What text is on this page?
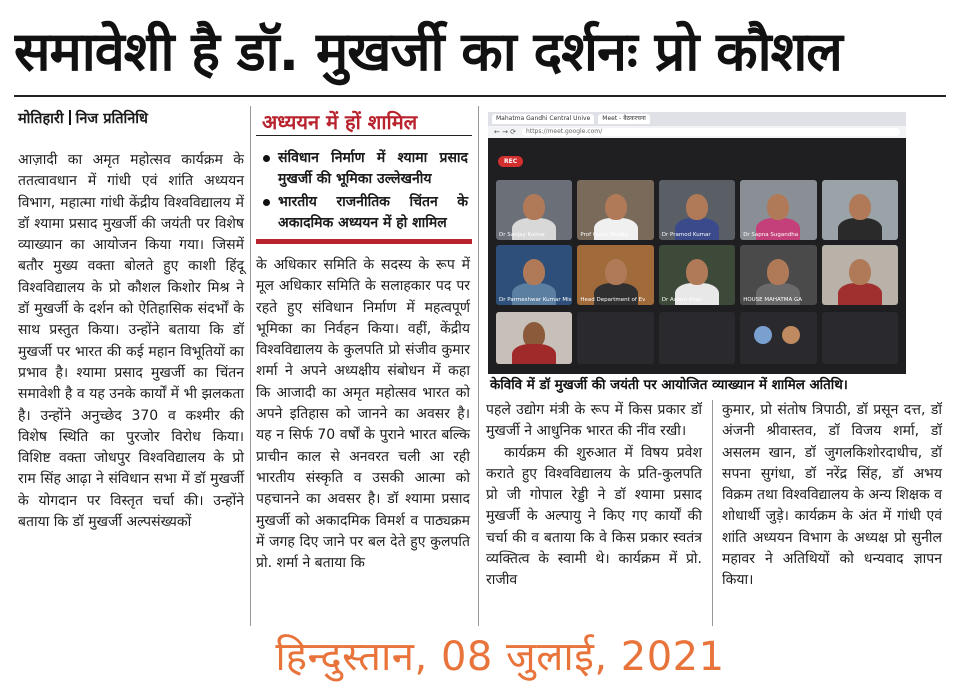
समावेशी है डॉ. मुखर्जी का दर्शनः प्रो कौशल
मोतिहारी निज प्रतिनिधि

आज़ादी का अमृत महोत्सव कार्यक्रम के ततत्वावधान में गांधी एवं शांति अध्ययन विभाग, महात्मा गांधी केंद्रीय विश्वविद्यालय में डॉ श्यामा प्रसाद मुखर्जी की जयंती पर विशेष व्याख्यान का आयोजन किया गया। जिसमें बतौर मुख्य वक्ता बोलते हुए काशी हिंदू विश्वविद्यालय के प्रो कौशल किशोर मिश्र ने डॉ मुखर्जी के दर्शन को ऐतिहासिक संदर्भों के साथ प्रस्तुत किया। उन्होंने बताया कि डॉ मुखर्जी पर भारत की कई महान विभूतियों का प्रभाव है। श्यामा प्रसाद मुखर्जी का चिंतन समावेशी है व यह उनके कार्यों में भी झलकता है। उन्होंने अनुच्छेद 370 व कश्मीर की विशेष स्थिति का पुरजोर विरोध किया। विशिष्ट वक्ता जोधपुर विश्वविद्यालय के प्रो राम सिंह आढ़ा ने संविधान सभा में डॉ मुखर्जी के योगदान पर विस्तृत चर्चा की। उन्होंने बताया कि डॉ मुखर्जी अल्पसंख्यकों

अध्ययन में हों शामिल
संविधान निर्माण में श्यामा प्रसाद मुखर्जी की भूमिका उल्लेखनीय
भारतीय राजनीतिक चिंतन के अकादमिक अध्ययन में हो शामिल

के अधिकार समिति के सदस्य के रूप में मूल अधिकार समिति के सलाहकार पद पर रहते हुए संविधान निर्माण में महत्वपूर्ण भूमिका का निर्वहन किया। वहीं, केंद्रीय विश्वविद्यालय के कुलपति प्रो संजीव कुमार शर्मा ने अपने अध्यक्षीय संबोधन में कहा कि आजादी का अमृत महोत्सव भारत को अपने इतिहास को जानने का अवसर है। यह न सिर्फ 70 वर्षों के पुराने भारत बल्कि प्राचीन काल से अनवरत चली आ रही भारतीय संस्कृति व उसकी आत्मा को पहचानने का अवसर है। डॉ श्यामा प्रसाद मुखर्जी को अकादमिक विमर्श व पाठ्यक्रम में जगह दिए जाने पर बल देते हुए कुलपति प्रो. शर्मा ने बताया कि

Mahatma Gandhi Central Unive	Meet - बैठकरचना
← → ⟳	https://meet.google.com/
REC
Dr Sanjay Kumar	Prof Gopal Reddy	Dr Pramod Kumar	Dr Sapna Sugandha
Dr Parmeshwar Kumar Mis Head Department of Ev	Dr Aslam Khan	HOUSE MAHATMA GA
केविवि में डॉ मुखर्जी की जयंती पर आयोजित व्याख्यान में शामिल अतिथि।

पहले उद्योग मंत्री के रूप में किस प्रकार डॉ मुखर्जी ने आधुनिक भारत की नींव रखी।

कार्यक्रम की शुरुआत में विषय प्रवेश कराते हुए विश्वविद्यालय के प्रति-कुलपति प्रो जी गोपाल रेड्डी ने डॉ श्यामा प्रसाद मुखर्जी के अल्पायु ने किए गए कार्यों की चर्चा की व बताया कि वे किस प्रकार स्वतंत्र व्यक्तित्व के स्वामी थे। कार्यक्रम में प्रो. राजीव

कुमार, प्रो संतोष त्रिपाठी, डॉ प्रसून दत्त, डॉ अंजनी श्रीवास्तव, डॉ विजय शर्मा, डॉ असलम खान, डॉ जुगलकिशोरदाधीच, डॉ सपना सुगंधा, डॉ नरेंद्र सिंह, डॉ अभय विक्रम तथा विश्वविद्यालय के अन्य शिक्षक व शोधार्थी जुड़े। कार्यक्रम के अंत में गांधी एवं शांति अध्ययन विभाग के अध्यक्ष प्रो सुनील महावर ने अतिथियों को धन्यवाद ज्ञापन किया।

हिन्दुस्तान, 08 जुलाई, 2021
